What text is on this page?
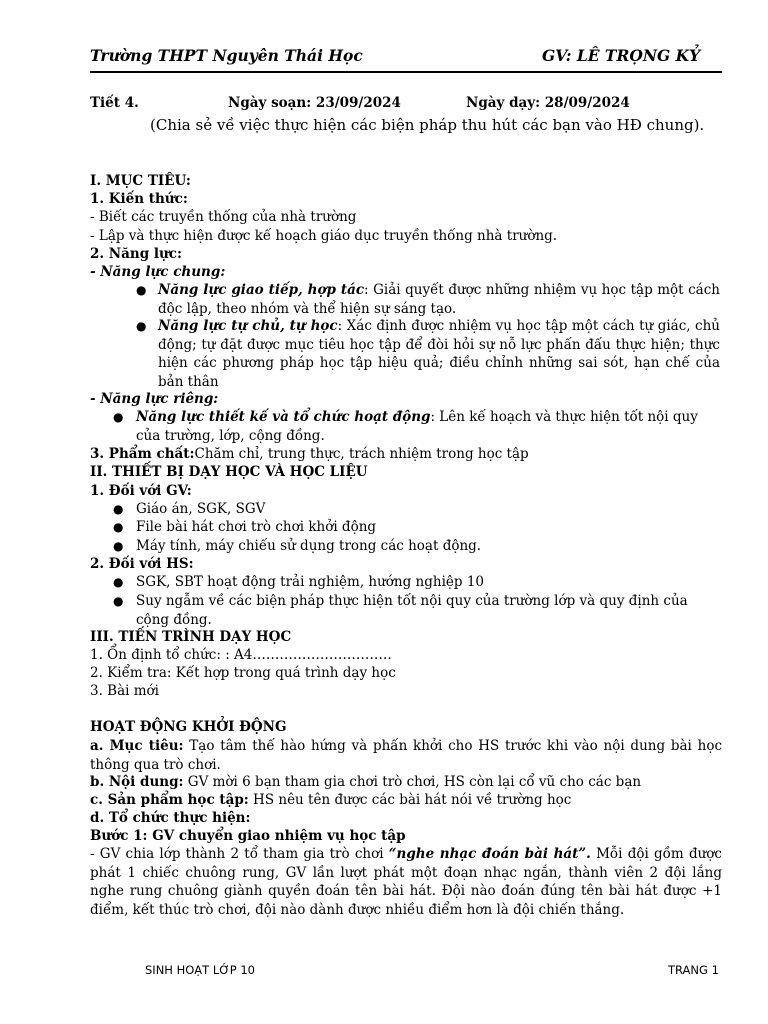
Trường THPT Nguyên Thái Học	GV: LÊ TRỌNG KỶ
Tiết 4.	Ngày soạn: 23/09/2024	Ngày dạy: 28/09/2024
(Chia sẻ về việc thực hiện các biện pháp thu hút các bạn vào HĐ chung).
I. MỤC TIÊU:
1. Kiến thức:
- Biết các truyền thống của nhà trường
- Lập và thực hiện được kế hoạch giáo dục truyền thống nhà trường.
2. Năng lực:
- Năng lực chung:
● Năng lực giao tiếp, hợp tác: Giải quyết được những nhiệm vụ học tập một cách độc lập, theo nhóm và thể hiện sự sáng tạo.
● Năng lực tự chủ, tự học: Xác định được nhiệm vụ học tập một cách tự giác, chủ động; tự đặt được mục tiêu học tập để đòi hỏi sự nỗ lực phấn đấu thực hiện; thực hiện các phương pháp học tập hiệu quả; điều chỉnh những sai sót, hạn chế của bản thân
- Năng lực riêng:
● Năng lực thiết kế và tổ chức hoạt động: Lên kế hoạch và thực hiện tốt nội quy của trường, lớp, cộng đồng.
3. Phẩm chất:Chăm chỉ, trung thực, trách nhiệm trong học tập
II. THIẾT BỊ DẠY HỌC VÀ HỌC LIỆU
1. Đối với GV:
● Giáo án, SGK, SGV
● File bài hát chơi trò chơi khởi động
● Máy tính, máy chiếu sử dụng trong các hoạt động.
2. Đối với HS:
● SGK, SBT hoạt động trải nghiệm, hướng nghiệp 10
● Suy ngẫm về các biện pháp thực hiện tốt nội quy của trường lớp và quy định của cộng đồng.
III. TIẾN TRÌNH DẠY HỌC
1. Ổn định tổ chức: : A4………………………….
2. Kiểm tra: Kết hợp trong quá trình dạy học
3. Bài mới
HOẠT ĐỘNG KHỞI ĐỘNG
a. Mục tiêu: Tạo tâm thế hào hứng và phấn khởi cho HS trước khi vào nội dung bài học thông qua trò chơi.
b. Nội dung: GV mời 6 bạn tham gia chơi trò chơi, HS còn lại cổ vũ cho các bạn
c. Sản phẩm học tập: HS nêu tên được các bài hát nói về trường học
d. Tổ chức thực hiện:
Bước 1: GV chuyển giao nhiệm vụ học tập
- GV chia lớp thành 2 tổ tham gia trò chơi “nghe nhạc đoán bài hát”. Mỗi đội gồm được phát 1 chiếc chuông rung, GV lần lượt phát một đoạn nhạc ngắn, thành viên 2 đội lắng nghe rung chuông giành quyền đoán tên bài hát. Đội nào đoán đúng tên bài hát được +1 điểm, kết thúc trò chơi, đội nào dành được nhiều điểm hơn là đội chiến thắng.
SINH HOẠT LỚP 10	TRANG 1
